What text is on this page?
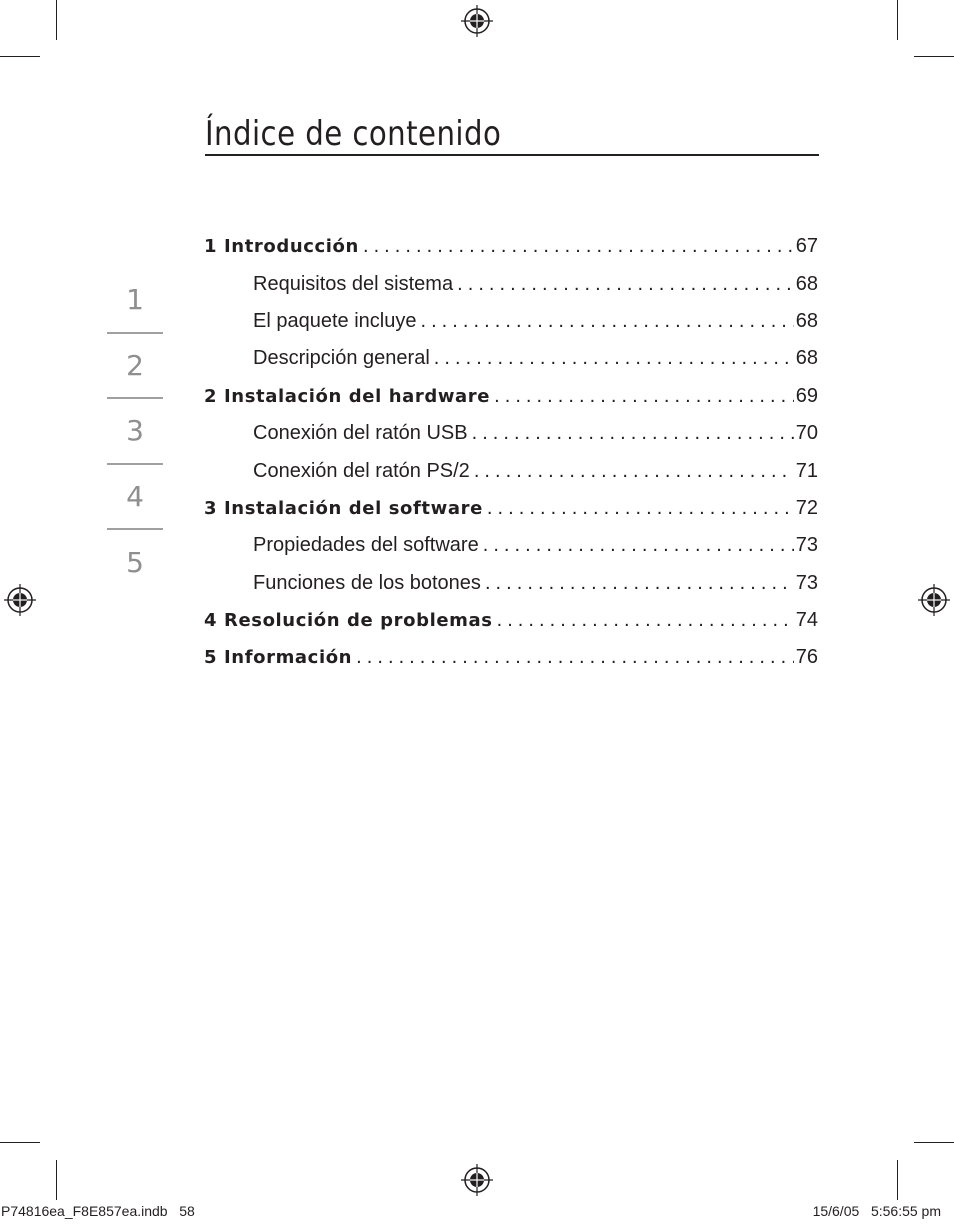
Índice de contenido
1
2
3
4
5
1 Introducción . . .	67
Requisitos del sistema . . .	68
El paquete incluye . . .	68
Descripción general . . .	68
2 Instalación del hardware . . .	69
Conexión del ratón USB . . .	70
Conexión del ratón PS/2 . . .	71
3 Instalación del software . . .	72
Propiedades del software . . .	73
Funciones de los botones . . .	73
4 Resolución de problemas . . .	74
5 Información . . .	76
P74816ea_F8E857ea.indb   58	15/6/05   5:56:55 pm
